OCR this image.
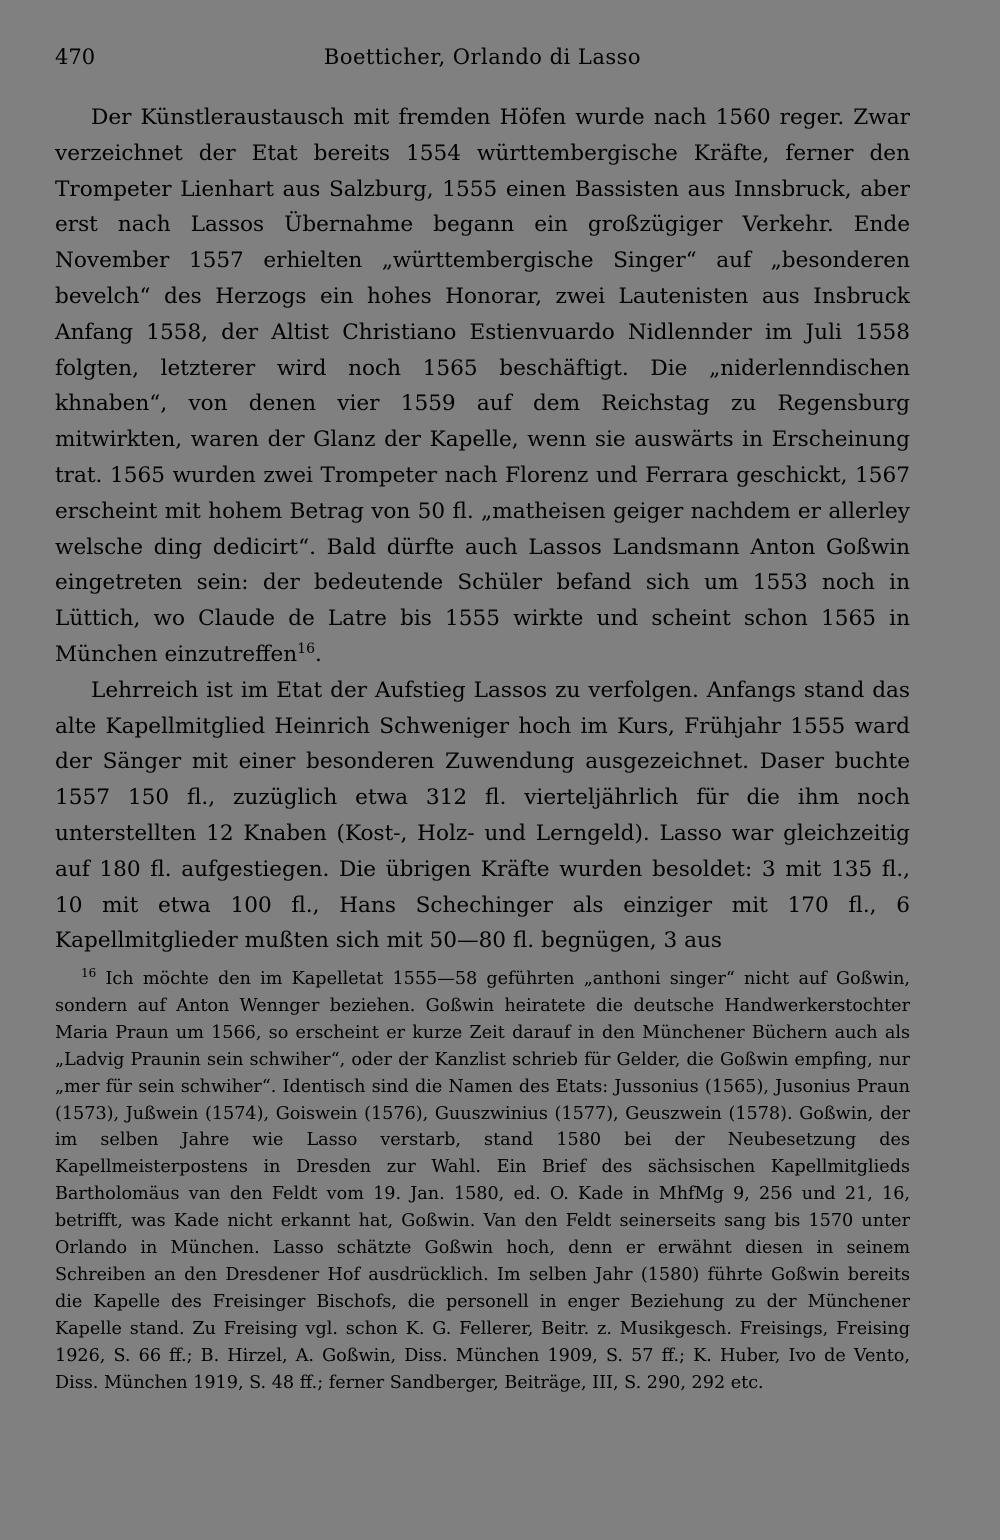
470	Boetticher, Orlando di Lasso

Der Künstleraustausch mit fremden Höfen wurde nach 1560 reger. Zwar verzeichnet der Etat bereits 1554 württembergische Kräfte, ferner den Trompeter Lienhart aus Salzburg, 1555 einen Bassisten aus Innsbruck, aber erst nach Lassos Übernahme begann ein großzügiger Verkehr. Ende November 1557 erhielten „württembergische Singer“ auf „besonderen bevelch“ des Herzogs ein hohes Honorar, zwei Lautenisten aus Insbruck Anfang 1558, der Altist Christiano Estienvuardo Nidlennder im Juli 1558 folgten, letzterer wird noch 1565 beschäftigt. Die „niderlenndischen khnaben“, von denen vier 1559 auf dem Reichstag zu Regensburg mitwirkten, waren der Glanz der Kapelle, wenn sie auswärts in Erscheinung trat. 1565 wurden zwei Trompeter nach Florenz und Ferrara geschickt, 1567 erscheint mit hohem Betrag von 50 fl. „matheisen geiger nachdem er allerley welsche ding dedicirt“. Bald dürfte auch Lassos Landsmann Anton Goßwin eingetreten sein: der bedeutende Schüler befand sich um 1553 noch in Lüttich, wo Claude de Latre bis 1555 wirkte und scheint schon 1565 in München einzutreffen$^{16}$.

Lehrreich ist im Etat der Aufstieg Lassos zu verfolgen. Anfangs stand das alte Kapellmitglied Heinrich Schweniger hoch im Kurs, Frühjahr 1555 ward der Sänger mit einer besonderen Zuwendung ausgezeichnet. Daser buchte 1557 150 fl., zuzüglich etwa 312 fl. vierteljährlich für die ihm noch unterstellten 12 Knaben (Kost-, Holz- und Lerngeld). Lasso war gleichzeitig auf 180 fl. aufgestiegen. Die übrigen Kräfte wurden besoldet: 3 mit 135 fl., 10 mit etwa 100 fl., Hans Schechinger als einziger mit 170 fl., 6 Kapellmitglieder mußten sich mit 50—80 fl. begnügen, 3 aus

$^{16}$ Ich möchte den im Kapelletat 1555—58 geführten „anthoni singer“ nicht auf Goßwin, sondern auf Anton Wennger beziehen. Goßwin heiratete die deutsche Handwerkerstochter Maria Praun um 1566, so erscheint er kurze Zeit darauf in den Münchener Büchern auch als „Ladvig Praunin sein schwiher“, oder der Kanzlist schrieb für Gelder, die Goßwin empfing, nur „mer für sein schwiher“. Identisch sind die Namen des Etats: Jussonius (1565), Jusonius Praun (1573), Jußwein (1574), Goiswein (1576), Guuszwinius (1577), Geuszwein (1578). Goßwin, der im selben Jahre wie Lasso verstarb, stand 1580 bei der Neubesetzung des Kapellmeisterpostens in Dresden zur Wahl. Ein Brief des sächsischen Kapellmitglieds Bartholomäus van den Feldt vom 19. Jan. 1580, ed. O. Kade in MhfMg 9, 256 und 21, 16, betrifft, was Kade nicht erkannt hat, Goßwin. Van den Feldt seinerseits sang bis 1570 unter Orlando in München. Lasso schätzte Goßwin hoch, denn er erwähnt diesen in seinem Schreiben an den Dresdener Hof ausdrücklich. Im selben Jahr (1580) führte Goßwin bereits die Kapelle des Freisinger Bischofs, die personell in enger Beziehung zu der Münchener Kapelle stand. Zu Freising vgl. schon K. G. Fellerer, Beitr. z. Musikgesch. Freisings, Freising 1926, S. 66 ff.; B. Hirzel, A. Goßwin, Diss. München 1909, S. 57 ff.; K. Huber, Ivo de Vento, Diss. München 1919, S. 48 ff.; ferner Sandberger, Beiträge, III, S. 290, 292 etc.
